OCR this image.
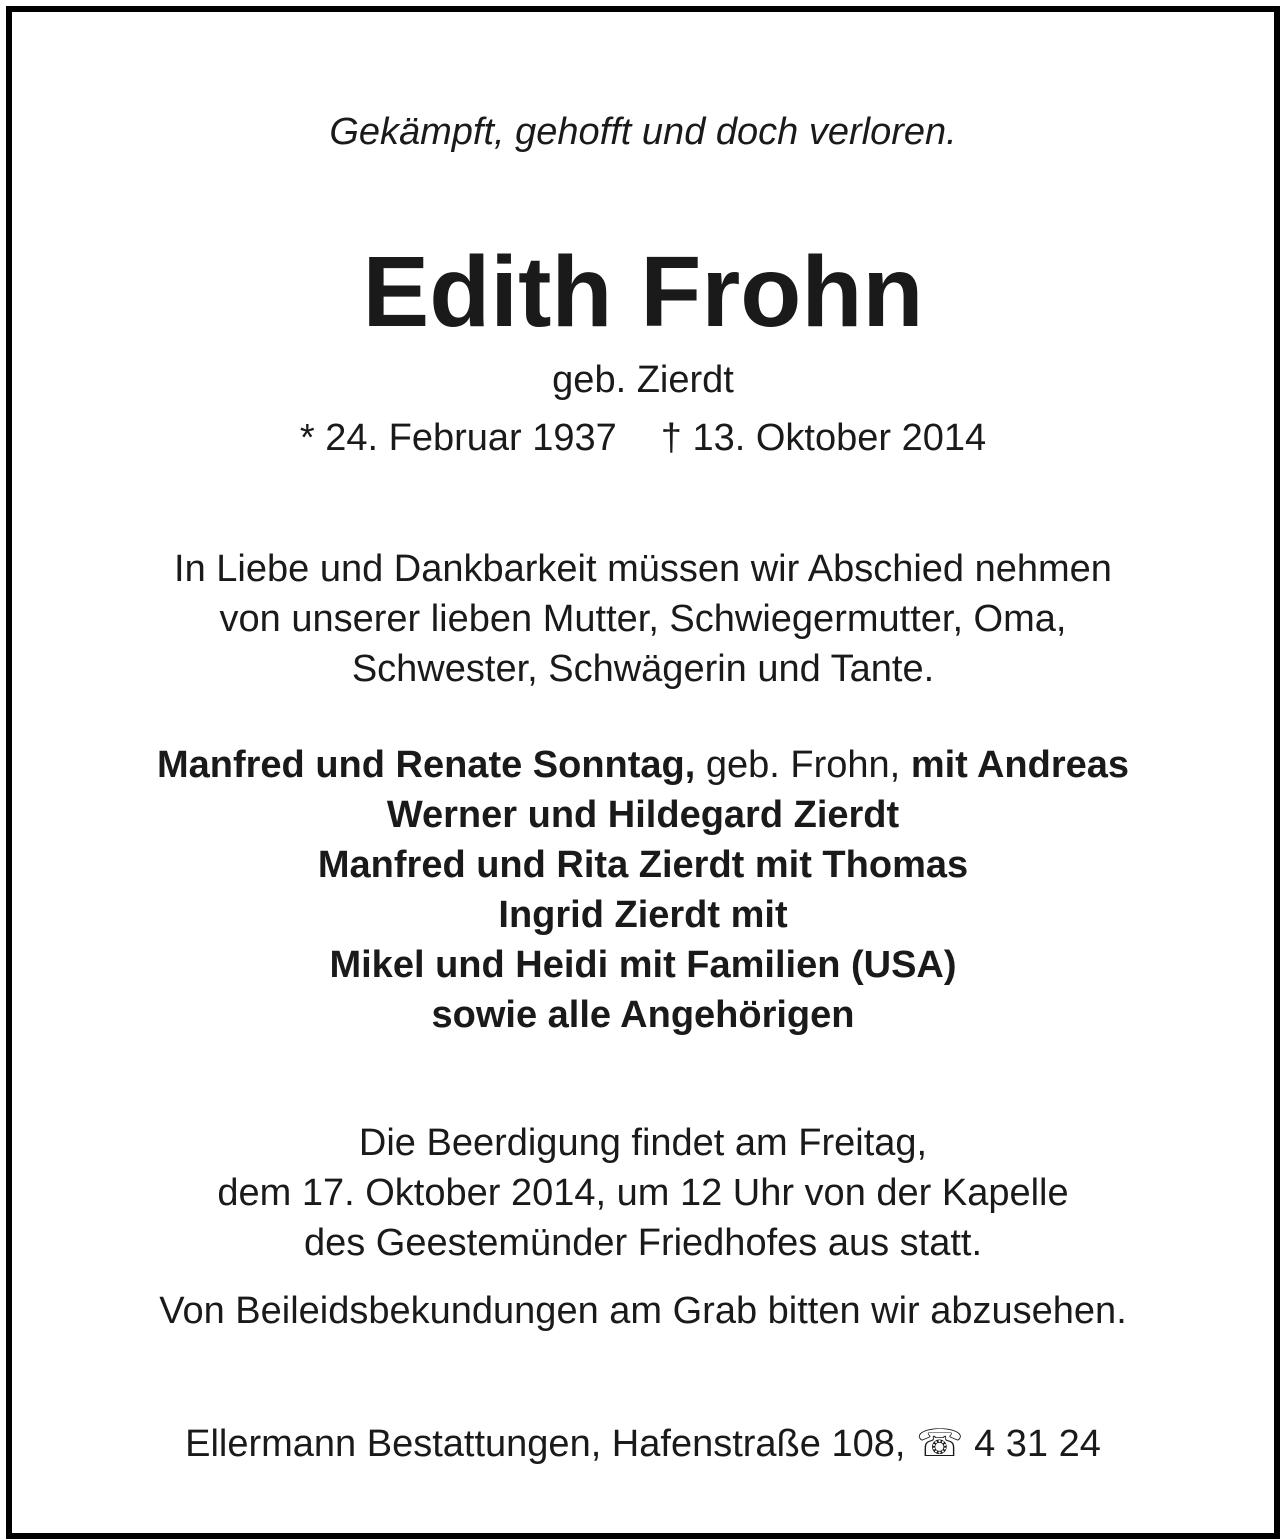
Gekämpft, gehofft und doch verloren.

Edith Frohn

geb. Zierdt

* 24. Februar 1937 † 13. Oktober 2014

In Liebe und Dankbarkeit müssen wir Abschied nehmen

von unserer lieben Mutter, Schwiegermutter, Oma,

Schwester, Schwägerin und Tante.

Manfred und Renate Sonntag, geb. Frohn, mit Andreas

Werner und Hildegard Zierdt

Manfred und Rita Zierdt mit Thomas

Ingrid Zierdt mit

Mikel und Heidi mit Familien (USA)

sowie alle Angehörigen

Die Beerdigung findet am Freitag,

dem 17. Oktober 2014, um 12 Uhr von der Kapelle

des Geestemünder Friedhofes aus statt.

Von Beileidsbekundungen am Grab bitten wir abzusehen.

Ellermann Bestattungen, Hafenstraße 108, ☏ 4 31 24
